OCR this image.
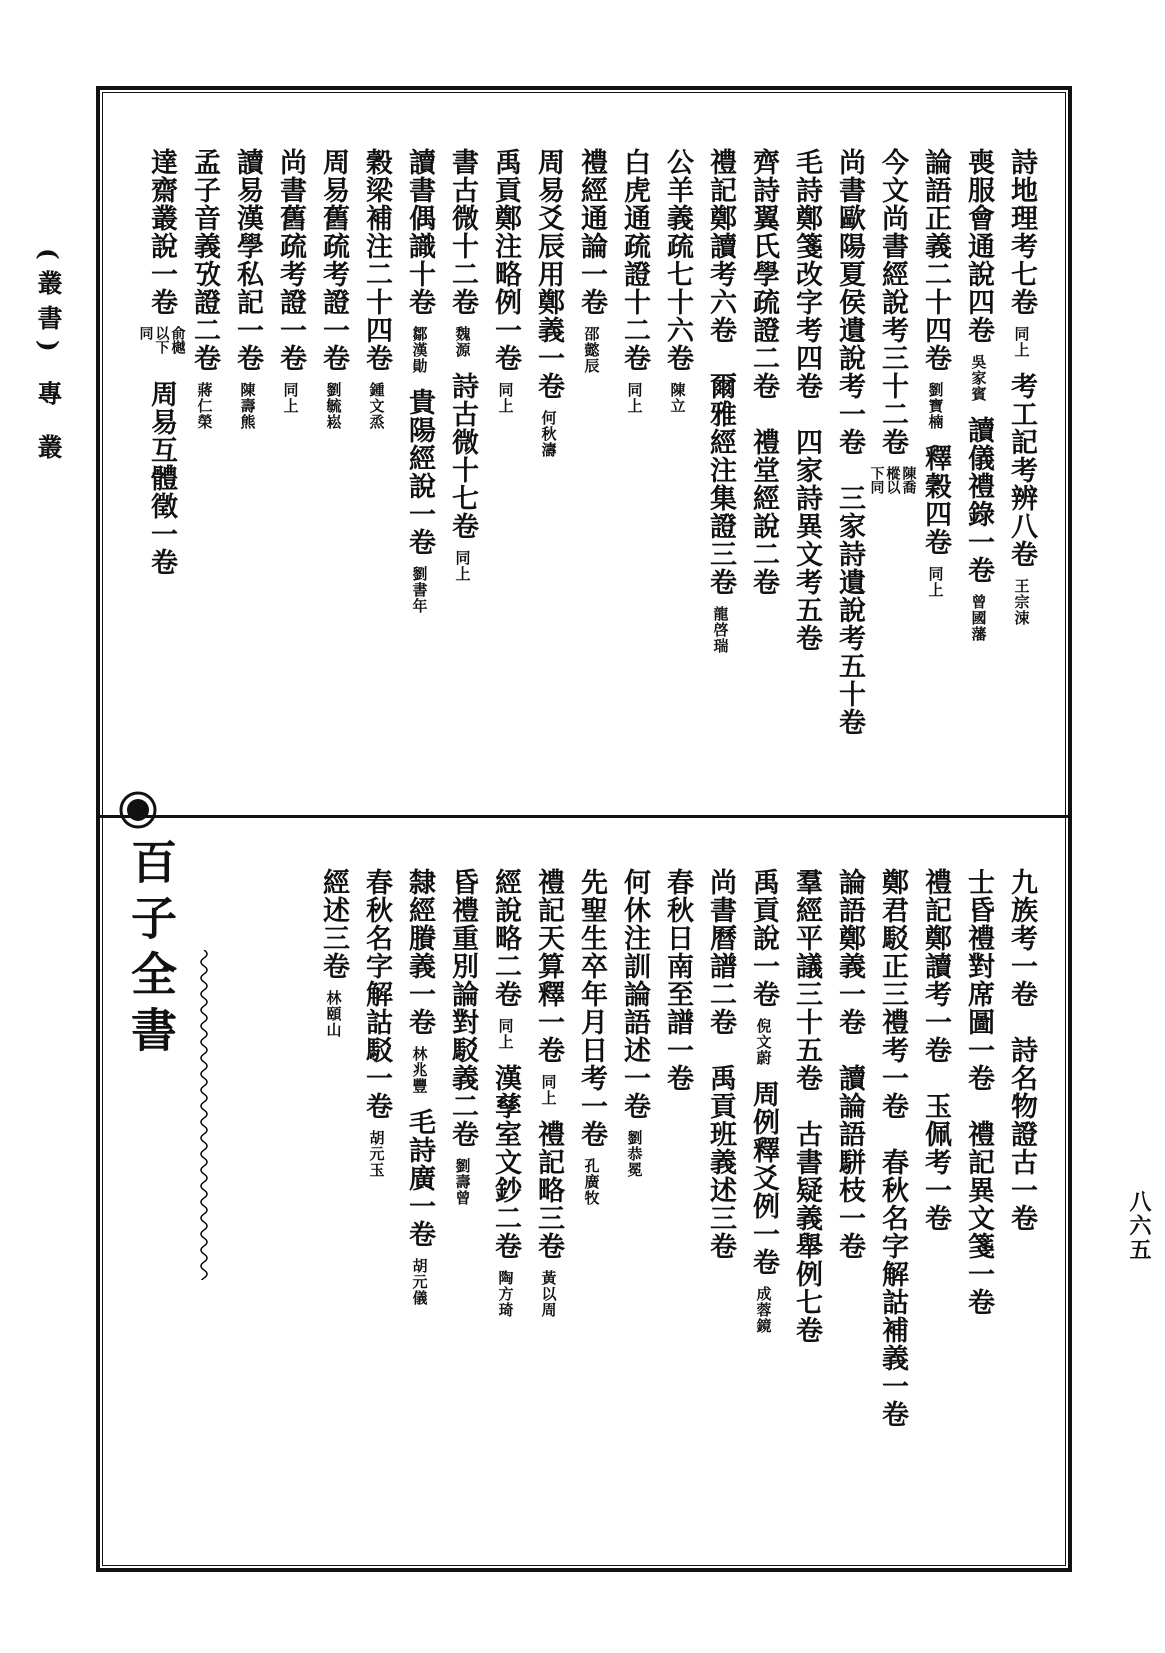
(叢書) 專 叢
八六五
詩地理考七卷
同上
考工記考辨八卷
王宗涑
喪服會通說四卷
吳家賓
讀儀禮錄一卷
曾國藩
論語正義二十四卷
劉寶楠
釋穀四卷
同上
今文尚書經說考三十二卷
陳喬樅以下同
尚書歐陽夏侯遺說考一卷
三家詩遺說考五十卷
毛詩鄭箋改字考四卷
四家詩異文考五卷
齊詩翼氏學疏證二卷
禮堂經說二卷
禮記鄭讀考六卷
爾雅經注集證三卷
龍啓瑞
公羊義疏七十六卷
陳立
白虎通疏證十二卷
同上
禮經通論一卷
邵懿辰
周易爻辰用鄭義一卷
何秋濤
禹貢鄭注略例一卷
同上
書古微十二卷
魏源
詩古微十七卷
同上
讀書偶識十卷
鄒漢勛
貴陽經說一卷
劉書年
穀梁補注二十四卷
鍾文烝
周易舊疏考證一卷
劉毓崧
尚書舊疏考證一卷
同上
讀易漢學私記一卷
陳壽熊
孟子音義攷證二卷
蔣仁榮
達齋叢說一卷
俞樾以下同
周易互體徵一卷
九族考一卷
詩名物證古一卷
士昏禮對席圖一卷
禮記異文箋一卷
禮記鄭讀考一卷
玉佩考一卷
鄭君駁正三禮考一卷
春秋名字解詁補義一卷
論語鄭義一卷
讀論語駢枝一卷
羣經平議三十五卷
古書疑義舉例七卷
禹貢說一卷
倪文蔚
周例釋爻例一卷
成蓉鏡
尚書曆譜二卷
禹貢班義述三卷
春秋日南至譜一卷
何休注訓論語述一卷
劉恭冕
先聖生卒年月日考一卷
孔廣牧
禮記天算釋一卷
同上
禮記略三卷
黃以周
經說略二卷
同上
漢孳室文鈔二卷
陶方琦
昏禮重別論對駁義二卷
劉壽曾
隸經賸義一卷
林兆豐
毛詩廣一卷
胡元儀
春秋名字解詁駁一卷
胡元玉
經述三卷
林頤山
百子全書
